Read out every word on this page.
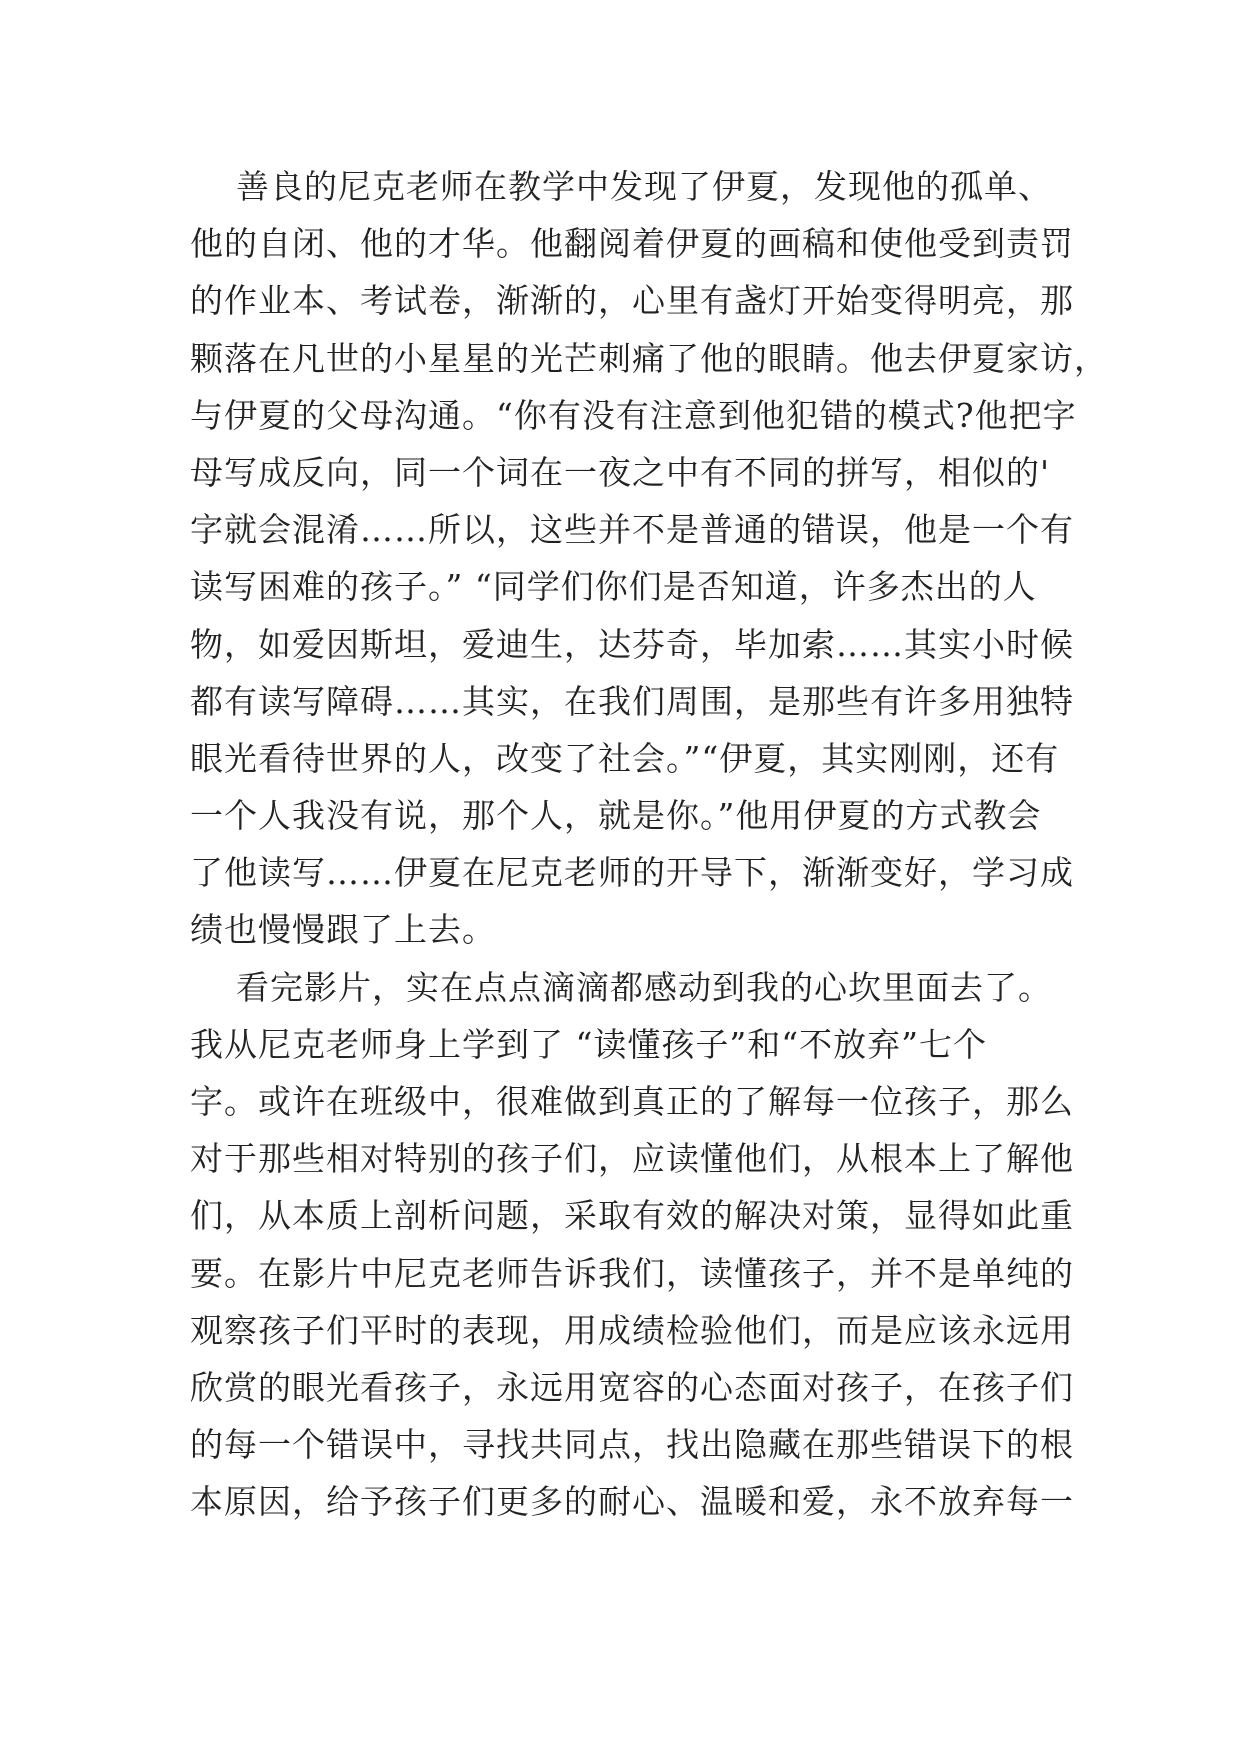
善良的尼克老师在教学中发现了伊夏，发现他的孤单、
他的自闭、他的才华。他翻阅着伊夏的画稿和使他受到责罚
的作业本、考试卷，渐渐的，心里有盏灯开始变得明亮，那
颗落在凡世的小星星的光芒刺痛了他的眼睛。他去伊夏家访，
与伊夏的父母沟通。“你有没有注意到他犯错的模式?他把字
母写成反向，同一个词在一夜之中有不同的拼写，相似的'
字就会混淆……所以，这些并不是普通的错误，他是一个有
读写困难的孩子。” “同学们你们是否知道，许多杰出的人
物，如爱因斯坦，爱迪生，达芬奇，毕加索……其实小时候
都有读写障碍……其实，在我们周围，是那些有许多用独特
眼光看待世界的人，改变了社会。”“伊夏，其实刚刚，还有
一个人我没有说，那个人，就是你。”他用伊夏的方式教会
了他读写……伊夏在尼克老师的开导下，渐渐变好，学习成
绩也慢慢跟了上去。
看完影片，实在点点滴滴都感动到我的心坎里面去了。
我从尼克老师身上学到了 “读懂孩子”和“不放弃”七个
字。或许在班级中，很难做到真正的了解每一位孩子，那么
对于那些相对特别的孩子们，应读懂他们，从根本上了解他
们，从本质上剖析问题，采取有效的解决对策，显得如此重
要。在影片中尼克老师告诉我们，读懂孩子，并不是单纯的
观察孩子们平时的表现，用成绩检验他们，而是应该永远用
欣赏的眼光看孩子，永远用宽容的心态面对孩子，在孩子们
的每一个错误中，寻找共同点，找出隐藏在那些错误下的根
本原因，给予孩子们更多的耐心、温暖和爱，永不放弃每一
